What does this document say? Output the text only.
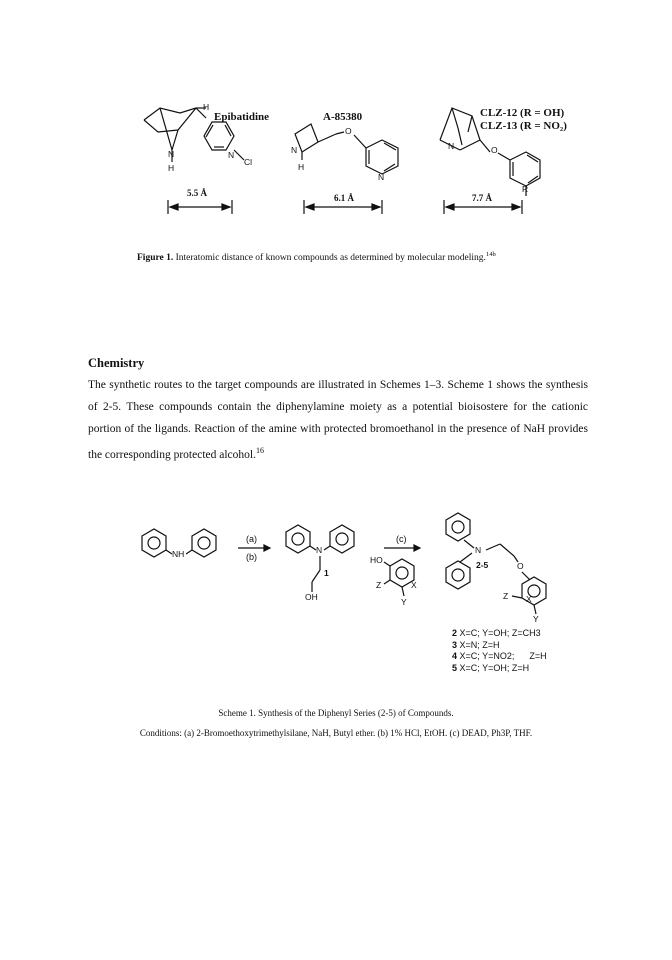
Epibatidine
H
N
H
N
Cl
5.5 Å
A-85380
O
N
H
N
6.1 Å
CLZ-12 (R = OH)
CLZ-13 (R = NO₂)
N	O
R
7.7 Å
Figure 1. Interatomic distance of known compounds as determined by molecular modeling.$^{14b}$
Chemistry
The synthetic routes to the target compounds are illustrated in Schemes 1–3. Scheme 1 shows the synthesis of 2-5. These compounds contain the diphenylamine moiety as a potential bioisostere for the cationic portion of the ligands. Reaction of the amine with protected bromoethanol in the presence of NaH provides the corresponding protected alcohol.$^{16}$
NH
(a)
(b)
N
OH
1
(c)
HO
Z	X
Y
N
O
Z X
Y
2-5
2 X=C; Y=OH; Z=CH3
3 X=N; Z=H
4 X=C; Y=NO2;      Z=H
5 X=C; Y=OH; Z=H
Scheme 1. Synthesis of the Diphenyl Series (2-5) of Compounds.
Conditions: (a) 2-Bromoethoxytrimethylsilane, NaH, Butyl ether. (b) 1% HCl, EtOH. (c) DEAD, Ph3P, THF.
